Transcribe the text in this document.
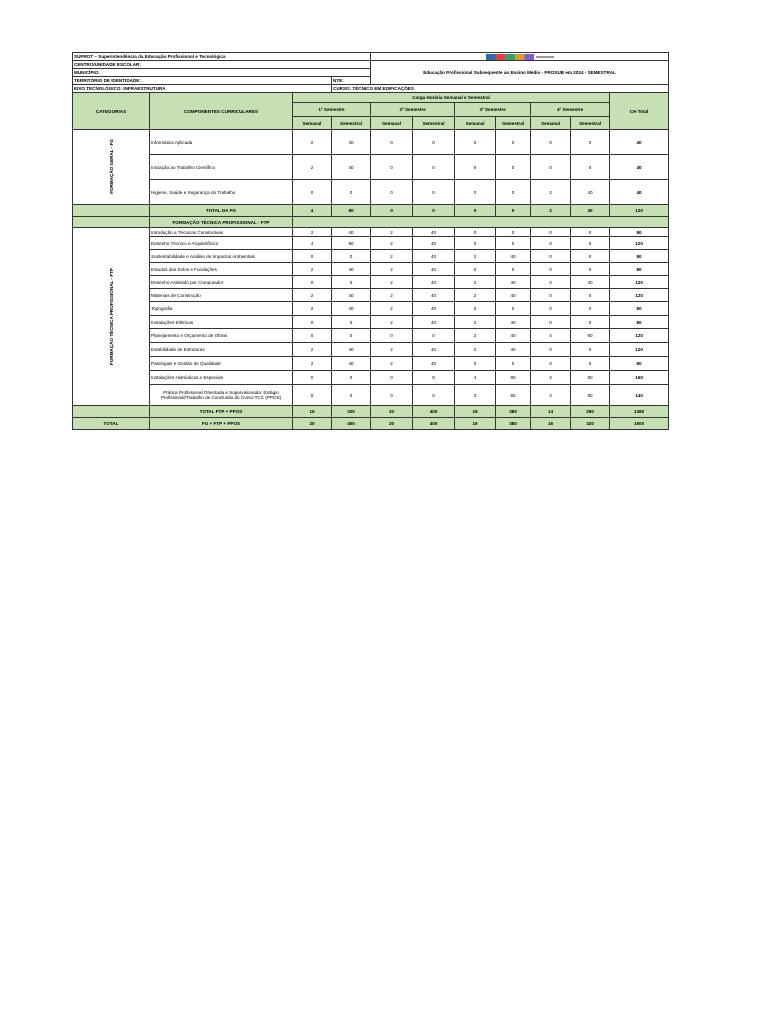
SUPROT – Superintendência da Educação Profissional e Tecnológica										
CENTRO/UNIDADE ESCOLAR:				Educação Profissional Subsequente ao Ensino Médio - PROSUB em 2024 - SEMESTRAL						
MUNICÍPIO:										
TERRITÓRIO DE IDENTIDADE:			NTE:							
EIXO TECNOLÓGICO: INFRAESTRUTURA			CURSO: TÉCNICO EM EDIFICAÇÕES							
CATEGORIAS	COMPONENTES CURRICULARES	Carga Horária Semanal e Semestral								CH Total
		1º Semestre		2º Semestre		3º Semestre		4º Semestre		
		Semanal	Semestral	Semanal	Semestral	Semanal	Semestral	Semanal	Semestral	
FORMAÇÃO GERAL - FG	Informática Aplicada	2	40	0	0	0	0	0	0	40
	Iniciação ao Trabalho Científico	2	40	0	0	0	0	0	0	40
	Higiene, Saúde e Segurança do Trabalho	0	0	0	0	0	0	2	40	40
	TOTAL DA FG	4	80	0	0	0	0	2	40	120
	FORMAÇÃO TÉCNICA PROFISSIONAL - FTP									
FORMAÇÃO TÉCNICA PROFISSIONAL - FTP	Introdução a Técnicas Construtivas	2	40	2	40	0	0	0	0	80
	Desenho Técnico e Arquitetônico	4	80	2	40	0	0	0	0	120
	Sustentabilidade e Análise de Impactos Ambientais	0	0	2	40	2	40	0	0	80
	Estudos dos Solos e Fundações	2	40	2	40	0	0	0	0	80
	Desenho Assistido por Computador	0	0	2	40	2	40	2	40	120
	Materiais de Construção	2	40	2	40	2	40	0	0	120
	Topografia	2	40	2	40	0	0	0	0	80
	Instalações Elétricas	0	0	2	40	2	40	0	0	80
	Planejamento e Orçamento de Obras	0	0	0	0	2	40	4	80	120
	Estabilidade de Estruturas	2	40	2	40	2	40	0	0	120
	Patologias e Gestão de Qualidade	2	40	2	40	0	0	0	0	80
	Instalações Hidráulicas e Especiais	0	0	0	0	4	80	4	80	160
	Prática Profissional Orientada e Supervisionada: Estágio Profissional/Trabalho de Conclusão do Curso-TCC (PPOS)	0	0	0	0	3	60	4	80	140
	TOTAL FTP + PPOS	16	320	20	400	19	380	14	280	1380
TOTAL	FG + FTP + PPOS	20	400	20	400	19	380	16	320	1500
